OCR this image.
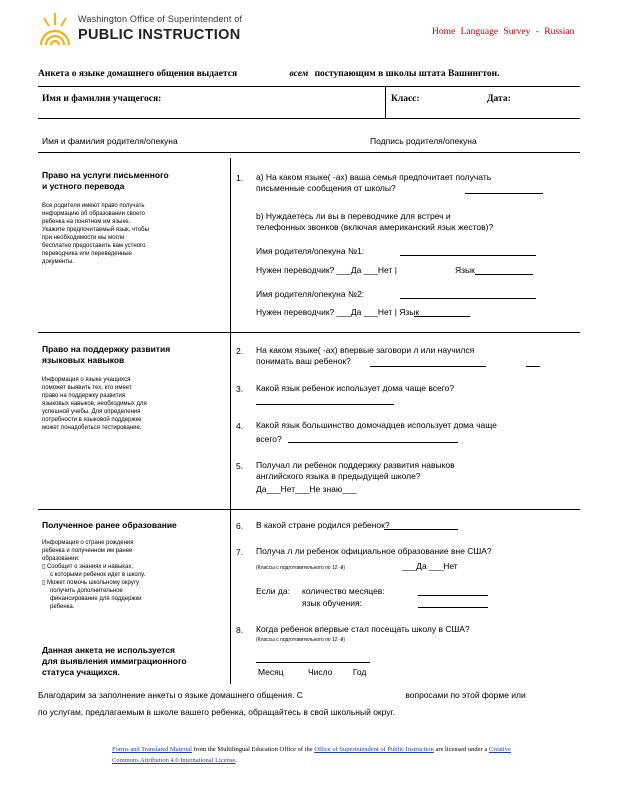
Washington Office of Superintendent of
PUBLIC INSTRUCTION	Home Language Survey - Russian
Анкета о языке домашнего общения выдается	всем поступающим в школы штата Вашингтон.
Имя и фамилия учащегося:	Класс:	Дата:
Имя и фамилия родителя/опекуна	Подпись родителя/опекуна
Право на услуги письменного
и устного перевода
Все родители имеют право получать
информацию об образовании своего
ребенка на понятном им языке.
Укажите предпочитаемый язык, чтобы
при необходимости мы могли
бесплатно предоставить вам устного
переводчика или переведенные
документы.
1. a) На каком языке( -ах) ваша семья предпочитает получать
письменные сообщения от школы?
b) Нуждаетесь ли вы в переводчике для встреч и
телефонных звонков (включая американский язык жестов)?
Имя родителя/опекуна №1:
Нужен переводчик? ___Да ___Нет |	Язык
Имя родителя/опекуна №2:
Нужен переводчик? ___Да ___Нет | Язык
Право на поддержку развития
языковых навыков
Информация о языке учащихся
поможет выявить тех, кто имеет
право на поддержку развития
языковых навыков, необходимых для
успешной учебы. Для определения
потребности в языковой поддержке
может понадобиться тестирование.
2. На каком языке( -ах) впервые заговори л или научился
понимать ваш ребенок?
3. Какой язык ребенок использует дома чаще всего?
4. Какой язык большинство домочадцев использует дома чаще
всего?
5. Получал ли ребенок поддержку развития навыков
английского языка в предыдущей школе?
Да___Нет___Не знаю___
Полученное ранее образование
Информация о стране рождения
ребенка и полученном им ранее
образовании:
▯ Сообщит о знаниях и навыках,
с которыми ребенок идет в школу.
▯ Может помочь школьному округу
получить дополнительное
финансирование для поддержки
ребенка.
Данная анкета не используется
для выявления иммиграционного
статуса учащихся.
6. В какой стране родился ребенок?
7. Получа л ли ребенок официальное образование вне США?
(Классы с подготовительного по 12 -й)	___Да ___Нет
Если да: количество месяцев:
язык обучения:
8. Когда ребенок впервые стал посещать школу в США?
(Классы с подготовительного по 12 -й)
Месяц	Число Год
Благодарим за заполнение анкеты о языке домашнего общения. С	вопросами по этой форме или
по услугам, предлагаемым в школе вашего ребенка, обращайтесь в свой школьный округ.
Forms and Translated Material from the Multilingual Education Office of the Office of Superintendent of Public Instruction are licensed under a Creative
Commons Attribution 4.0 International License.
